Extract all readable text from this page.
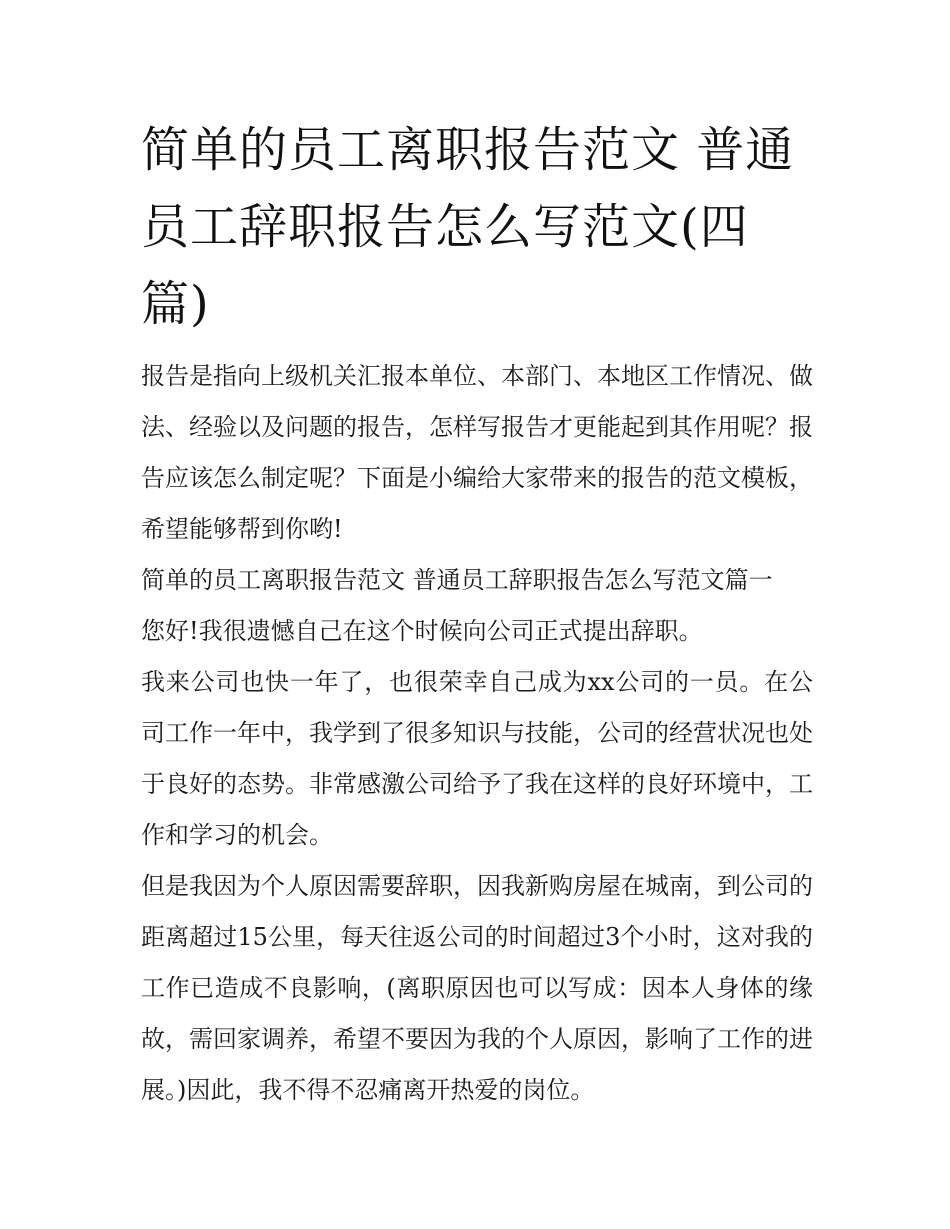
简单的员工离职报告范文 普通员工辞职报告怎么写范文(四篇)

报告是指向上级机关汇报本单位、本部门、本地区工作情况、做法、经验以及问题的报告，怎样写报告才更能起到其作用呢？报告应该怎么制定呢？下面是小编给大家带来的报告的范文模板，希望能够帮到你哟!

简单的员工离职报告范文 普通员工辞职报告怎么写范文篇一

您好!我很遗憾自己在这个时候向公司正式提出辞职。

我来公司也快一年了，也很荣幸自己成为xx公司的一员。在公司工作一年中，我学到了很多知识与技能，公司的经营状况也处于良好的态势。非常感激公司给予了我在这样的良好环境中，工作和学习的机会。

但是我因为个人原因需要辞职，因我新购房屋在城南，到公司的距离超过15公里，每天往返公司的时间超过3个小时，这对我的工作已造成不良影响，(离职原因也可以写成：因本人身体的缘故，需回家调养，希望不要因为我的个人原因，影响了工作的进展。)因此，我不得不忍痛离开热爱的岗位。
